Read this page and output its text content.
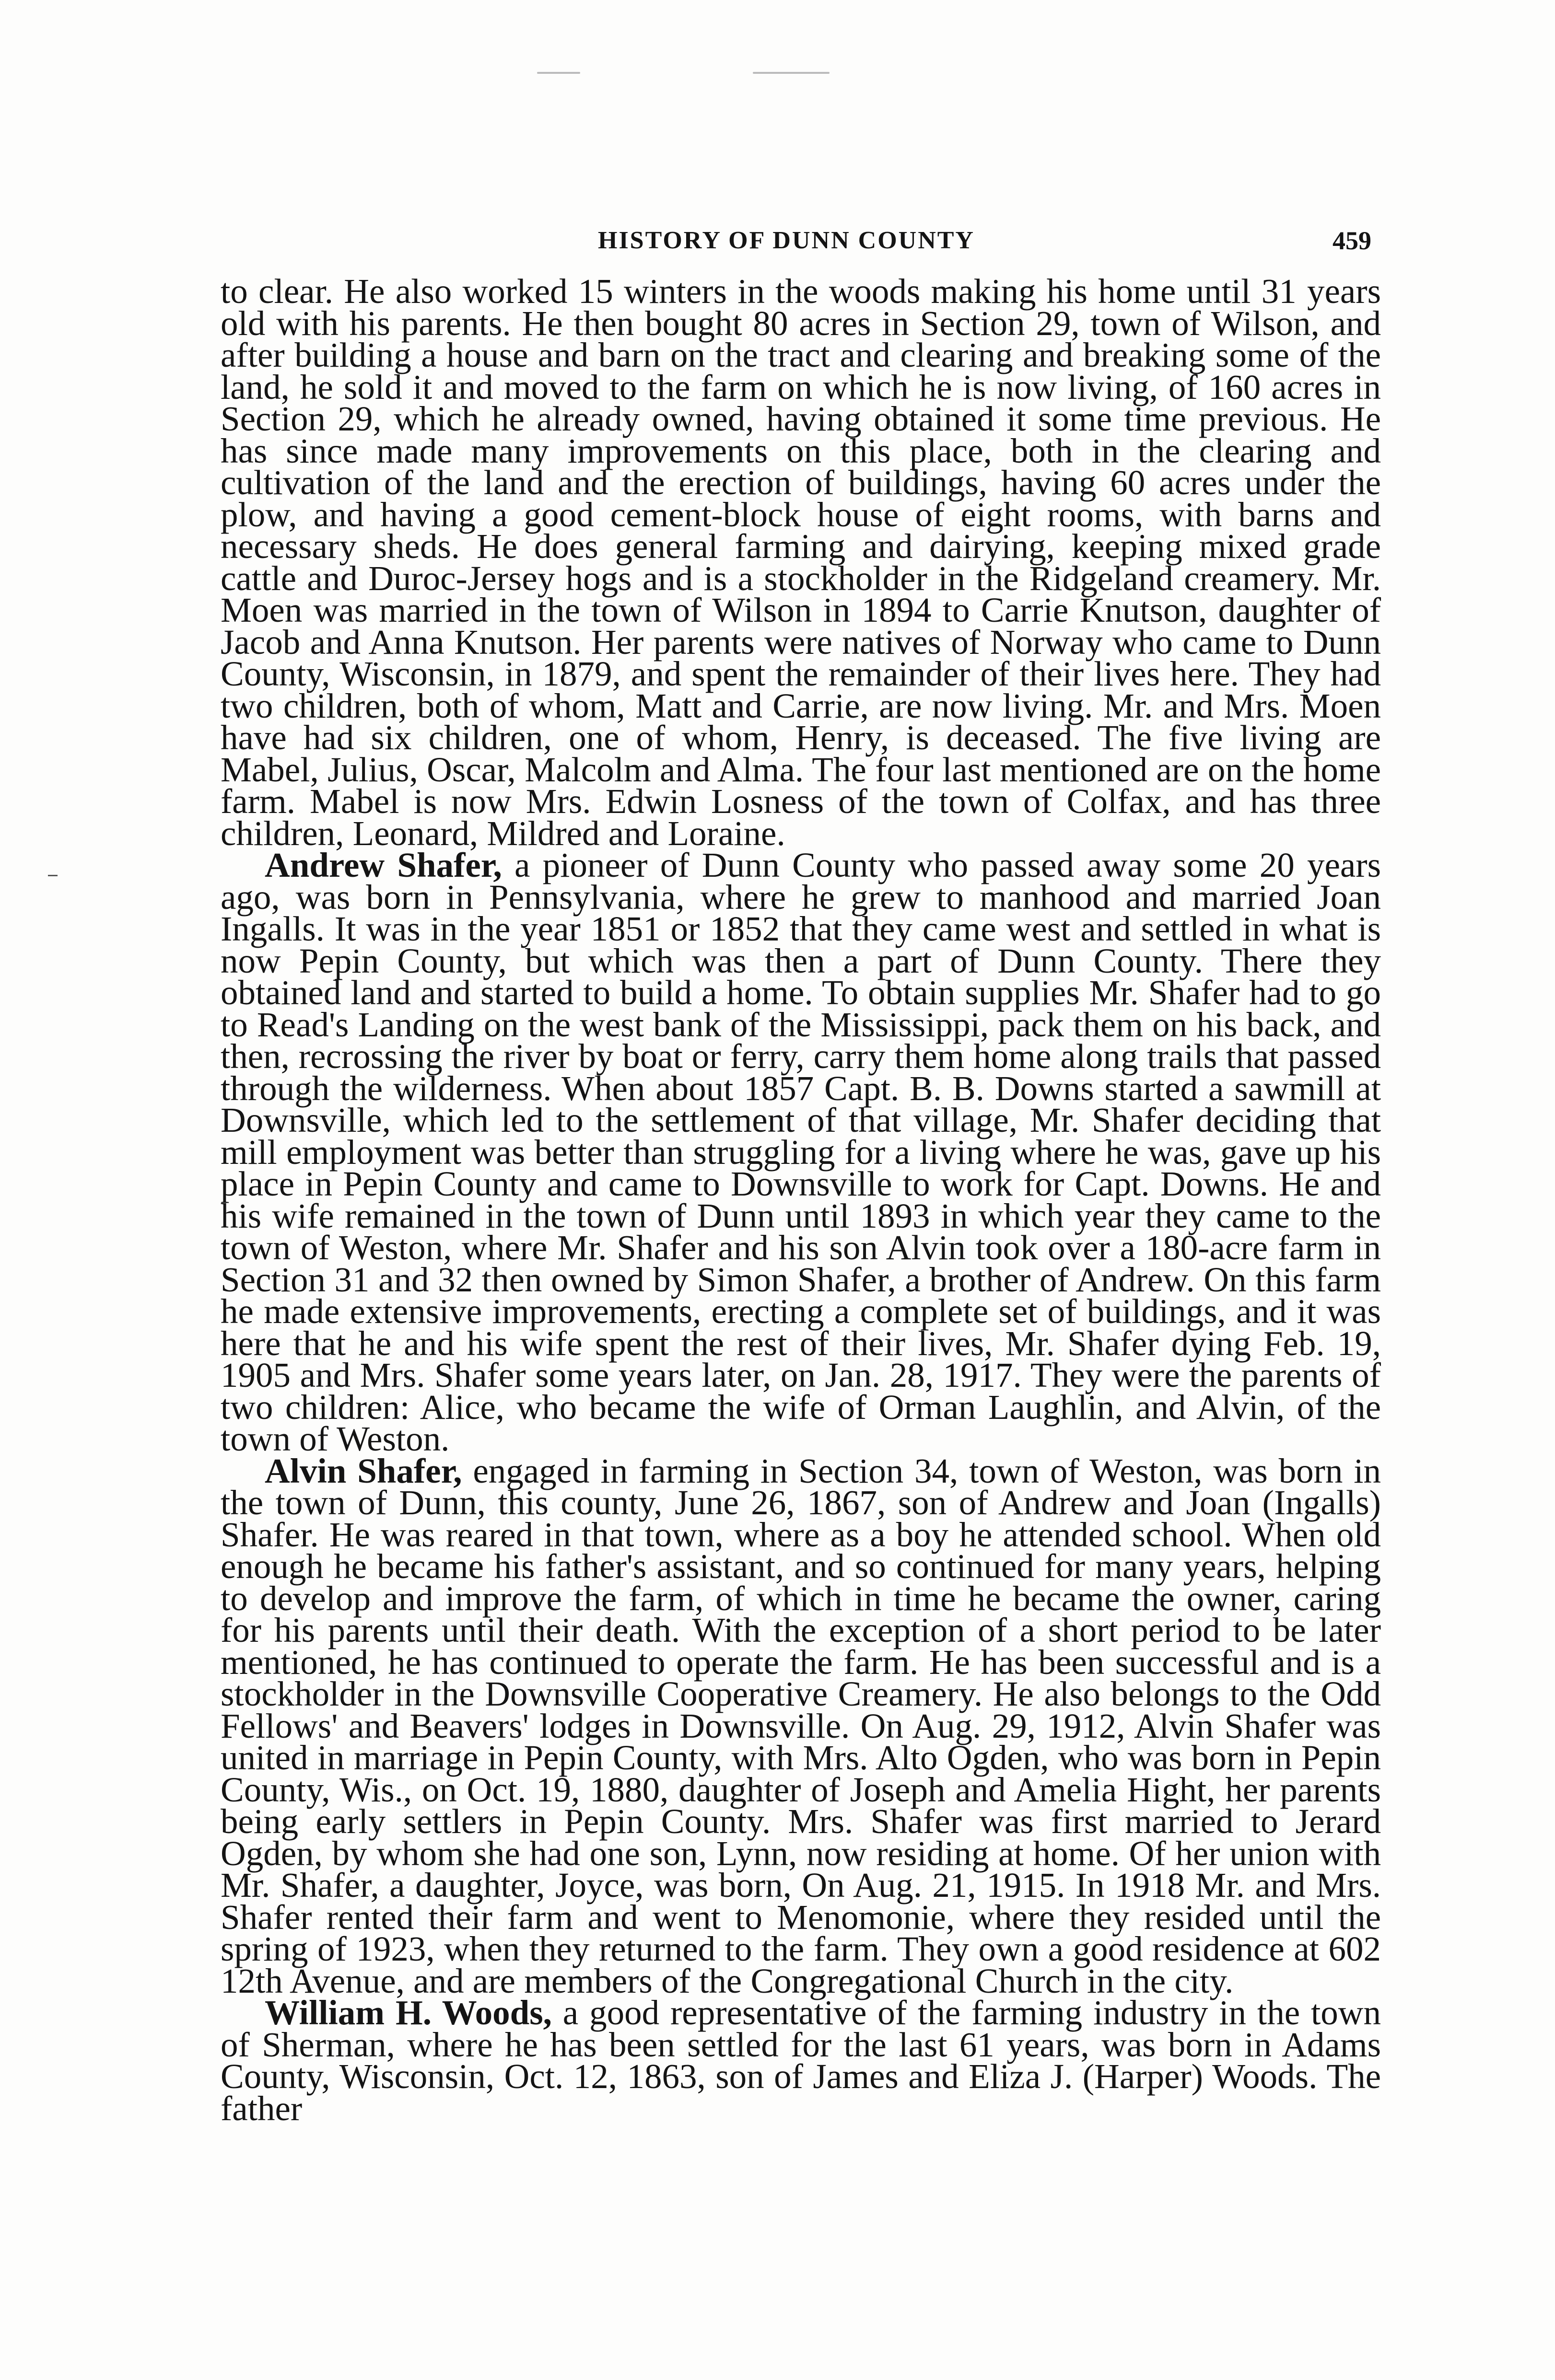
HISTORY OF DUNN COUNTY	459

to clear. He also worked 15 winters in the woods making his home until 31 years old with his parents. He then bought 80 acres in Section 29, town of Wilson, and after building a house and barn on the tract and clearing and breaking some of the land, he sold it and moved to the farm on which he is now living, of 160 acres in Section 29, which he already owned, having obtained it some time previous. He has since made many improvements on this place, both in the clearing and cultivation of the land and the erection of buildings, having 60 acres under the plow, and having a good cement-block house of eight rooms, with barns and necessary sheds. He does general farming and dairying, keeping mixed grade cattle and Duroc-Jersey hogs and is a stockholder in the Ridgeland creamery. Mr. Moen was married in the town of Wilson in 1894 to Carrie Knutson, daughter of Jacob and Anna Knutson. Her parents were natives of Norway who came to Dunn County, Wisconsin, in 1879, and spent the remainder of their lives here. They had two children, both of whom, Matt and Carrie, are now living. Mr. and Mrs. Moen have had six children, one of whom, Henry, is deceased. The five living are Mabel, Julius, Oscar, Malcolm and Alma. The four last mentioned are on the home farm. Mabel is now Mrs. Edwin Losness of the town of Colfax, and has three children, Leonard, Mildred and Loraine.

Andrew Shafer, a pioneer of Dunn County who passed away some 20 years ago, was born in Pennsylvania, where he grew to manhood and married Joan Ingalls. It was in the year 1851 or 1852 that they came west and settled in what is now Pepin County, but which was then a part of Dunn County. There they obtained land and started to build a home. To obtain supplies Mr. Shafer had to go to Read's Landing on the west bank of the Mississippi, pack them on his back, and then, recrossing the river by boat or ferry, carry them home along trails that passed through the wilderness. When about 1857 Capt. B. B. Downs started a sawmill at Downsville, which led to the settlement of that village, Mr. Shafer deciding that mill employment was better than struggling for a living where he was, gave up his place in Pepin County and came to Downsville to work for Capt. Downs. He and his wife remained in the town of Dunn until 1893 in which year they came to the town of Weston, where Mr. Shafer and his son Alvin took over a 180-acre farm in Section 31 and 32 then owned by Simon Shafer, a brother of Andrew. On this farm he made extensive improvements, erecting a complete set of buildings, and it was here that he and his wife spent the rest of their lives, Mr. Shafer dying Feb. 19, 1905 and Mrs. Shafer some years later, on Jan. 28, 1917. They were the parents of two children: Alice, who became the wife of Orman Laughlin, and Alvin, of the town of Weston.

Alvin Shafer, engaged in farming in Section 34, town of Weston, was born in the town of Dunn, this county, June 26, 1867, son of Andrew and Joan (Ingalls) Shafer. He was reared in that town, where as a boy he attended school. When old enough he became his father's assistant, and so continued for many years, helping to develop and improve the farm, of which in time he became the owner, caring for his parents until their death. With the exception of a short period to be later mentioned, he has continued to operate the farm. He has been successful and is a stockholder in the Downsville Cooperative Creamery. He also belongs to the Odd Fellows' and Beavers' lodges in Downsville. On Aug. 29, 1912, Alvin Shafer was united in marriage in Pepin County, with Mrs. Alto Ogden, who was born in Pepin County, Wis., on Oct. 19, 1880, daughter of Joseph and Amelia Hight, her parents being early settlers in Pepin County. Mrs. Shafer was first married to Jerard Ogden, by whom she had one son, Lynn, now residing at home. Of her union with Mr. Shafer, a daughter, Joyce, was born, On Aug. 21, 1915. In 1918 Mr. and Mrs. Shafer rented their farm and went to Menomonie, where they resided until the spring of 1923, when they returned to the farm. They own a good residence at 602 12th Avenue, and are members of the Congregational Church in the city.

William H. Woods, a good representative of the farming industry in the town of Sherman, where he has been settled for the last 61 years, was born in Adams County, Wisconsin, Oct. 12, 1863, son of James and Eliza J. (Harper) Woods. The father
